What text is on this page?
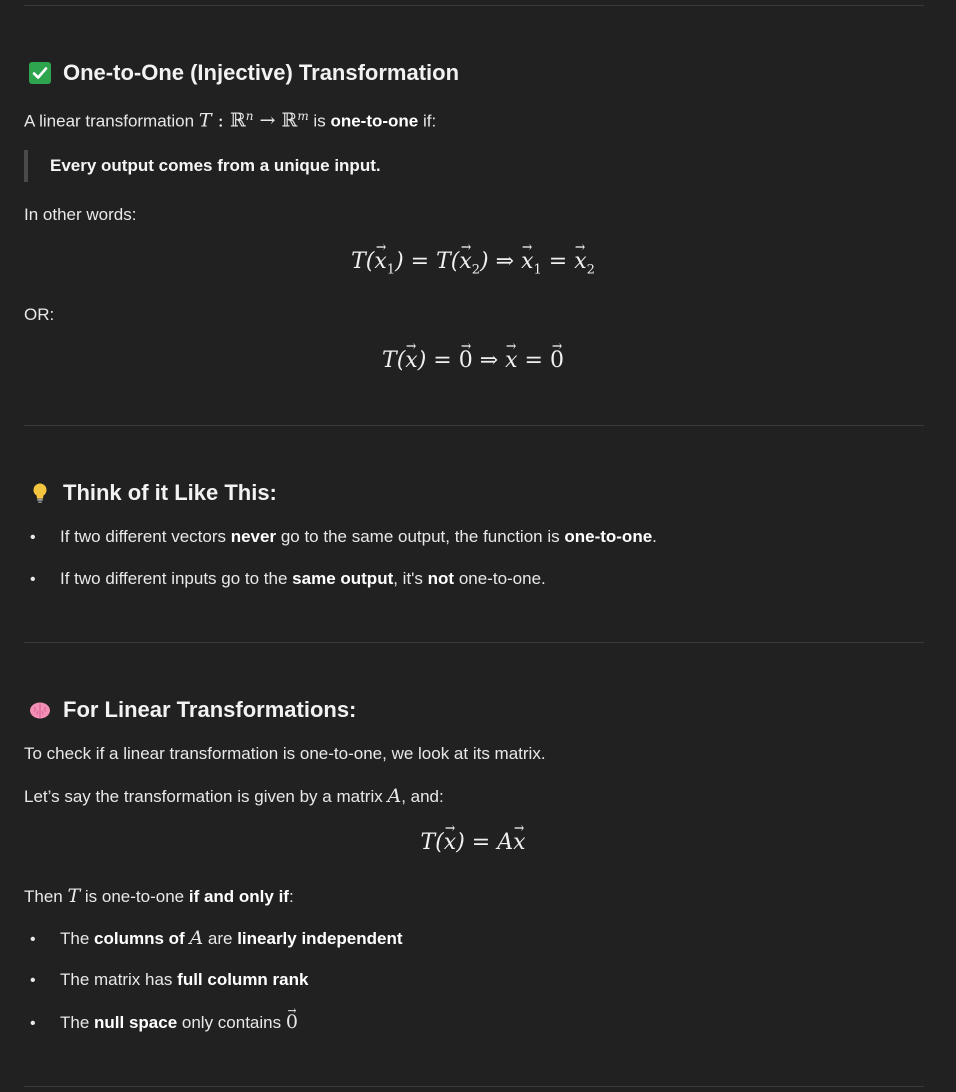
One-to-One (Injective) Transformation
A linear transformation T : ℝ$^n$ → ℝ$^m$ is one-to-one if:
Every output comes from a unique input.
In other words:
$T(x \to_1) = T(x \to_2)$ ⇒ $x \to_1 = x \to_2$
OR:
T(x →) = 0 → ⇒ x → = 0 →
Think of it Like This:
• If two different vectors never go to the same output, the function is one-to-one.
• If two different inputs go to the same output, it's not one-to-one.
For Linear Transformations:
To check if a linear transformation is one-to-one, we look at its matrix.
Let’s say the transformation is given by a matrix A, and:
T(x →) = Ax →
Then T is one-to-one if and only if:
• The columns of A are linearly independent
• The matrix has full column rank
• The null space only contains 0 →
